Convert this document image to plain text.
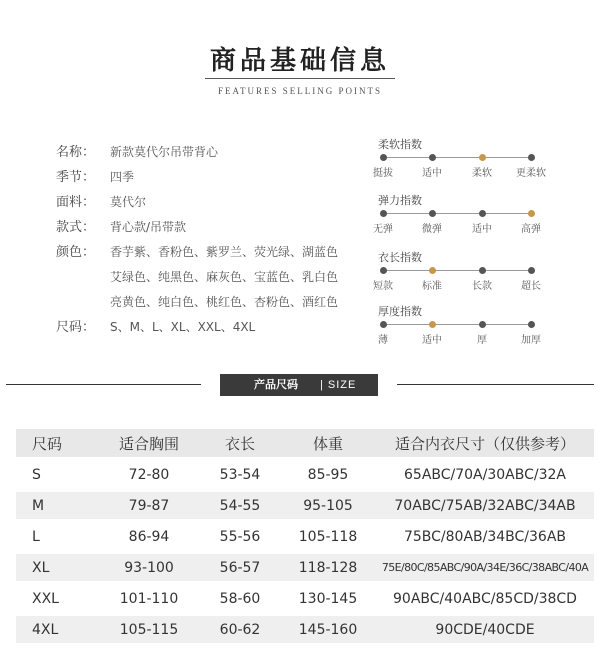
商品基础信息
FEATURES SELLING POINTS
名称：	新款莫代尔吊带背心
季节：	四季
面料：	莫代尔
款式：	背心款/吊带款
颜色：	香芋紫、香粉色、紫罗兰、荧光绿、湖蓝色
艾绿色、纯黑色、麻灰色、宝蓝色、乳白色
亮黄色、纯白色、桃红色、杏粉色、酒红色
尺码：	S、M、L、XL、XXL、4XL
柔软指数
挺拔	适中	柔软 更柔软
弹力指数
无弹	微弹	适中	高弹
衣长指数
短款	标准	长款	超长
厚度指数
薄	适中	厚	加厚
产品尺码 | SIZE
尺码	适合胸围	衣长	体重	适合内衣尺寸（仅供参考）
S	72-80	53-54	85-95	65ABC/70A/30ABC/32A
M	79-87	54-55	95-105	70ABC/75AB/32ABC/34AB
L	86-94	55-56	105-118	75BC/80AB/34BC/36AB
XL	93-100	56-57	118-128	75E/80C/85ABC/90A/34E/36C/38ABC/40A
XXL	101-110	58-60	130-145	90ABC/40ABC/85CD/38CD
4XL	105-115	60-62	145-160	90CDE/40CDE
